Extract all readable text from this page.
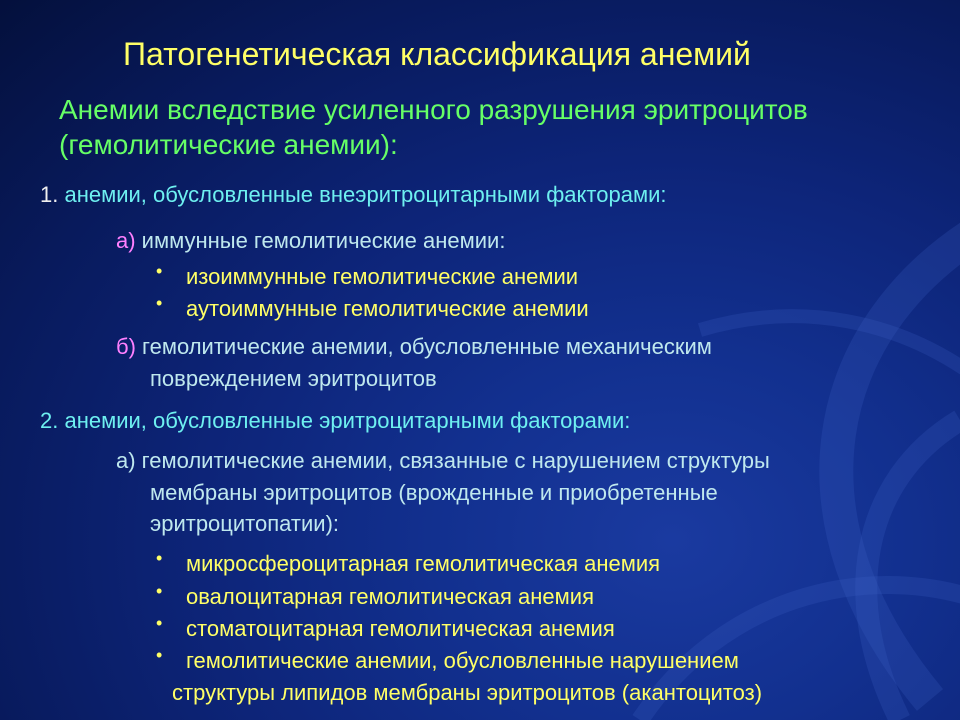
Патогенетическая классификация анемий
Анемии вследствие усиленного разрушения эритроцитов
(гемолитические анемии):
1. анемии, обусловленные внеэритроцитарными факторами:
а) иммунные гемолитические анемии:
• изоиммунные гемолитические анемии
• аутоиммунные гемолитические анемии
б) гемолитические анемии, обусловленные механическим
повреждением эритроцитов
2. анемии, обусловленные эритроцитарными факторами:
а) гемолитические анемии, связанные с нарушением структуры
мембраны эритроцитов (врожденные и приобретенные
эритроцитопатии):
• микросфероцитарная гемолитическая анемия
• овалоцитарная гемолитическая анемия
• стоматоцитарная гемолитическая анемия
• гемолитические анемии, обусловленные нарушением
структуры липидов мембраны эритроцитов (акантоцитоз)
